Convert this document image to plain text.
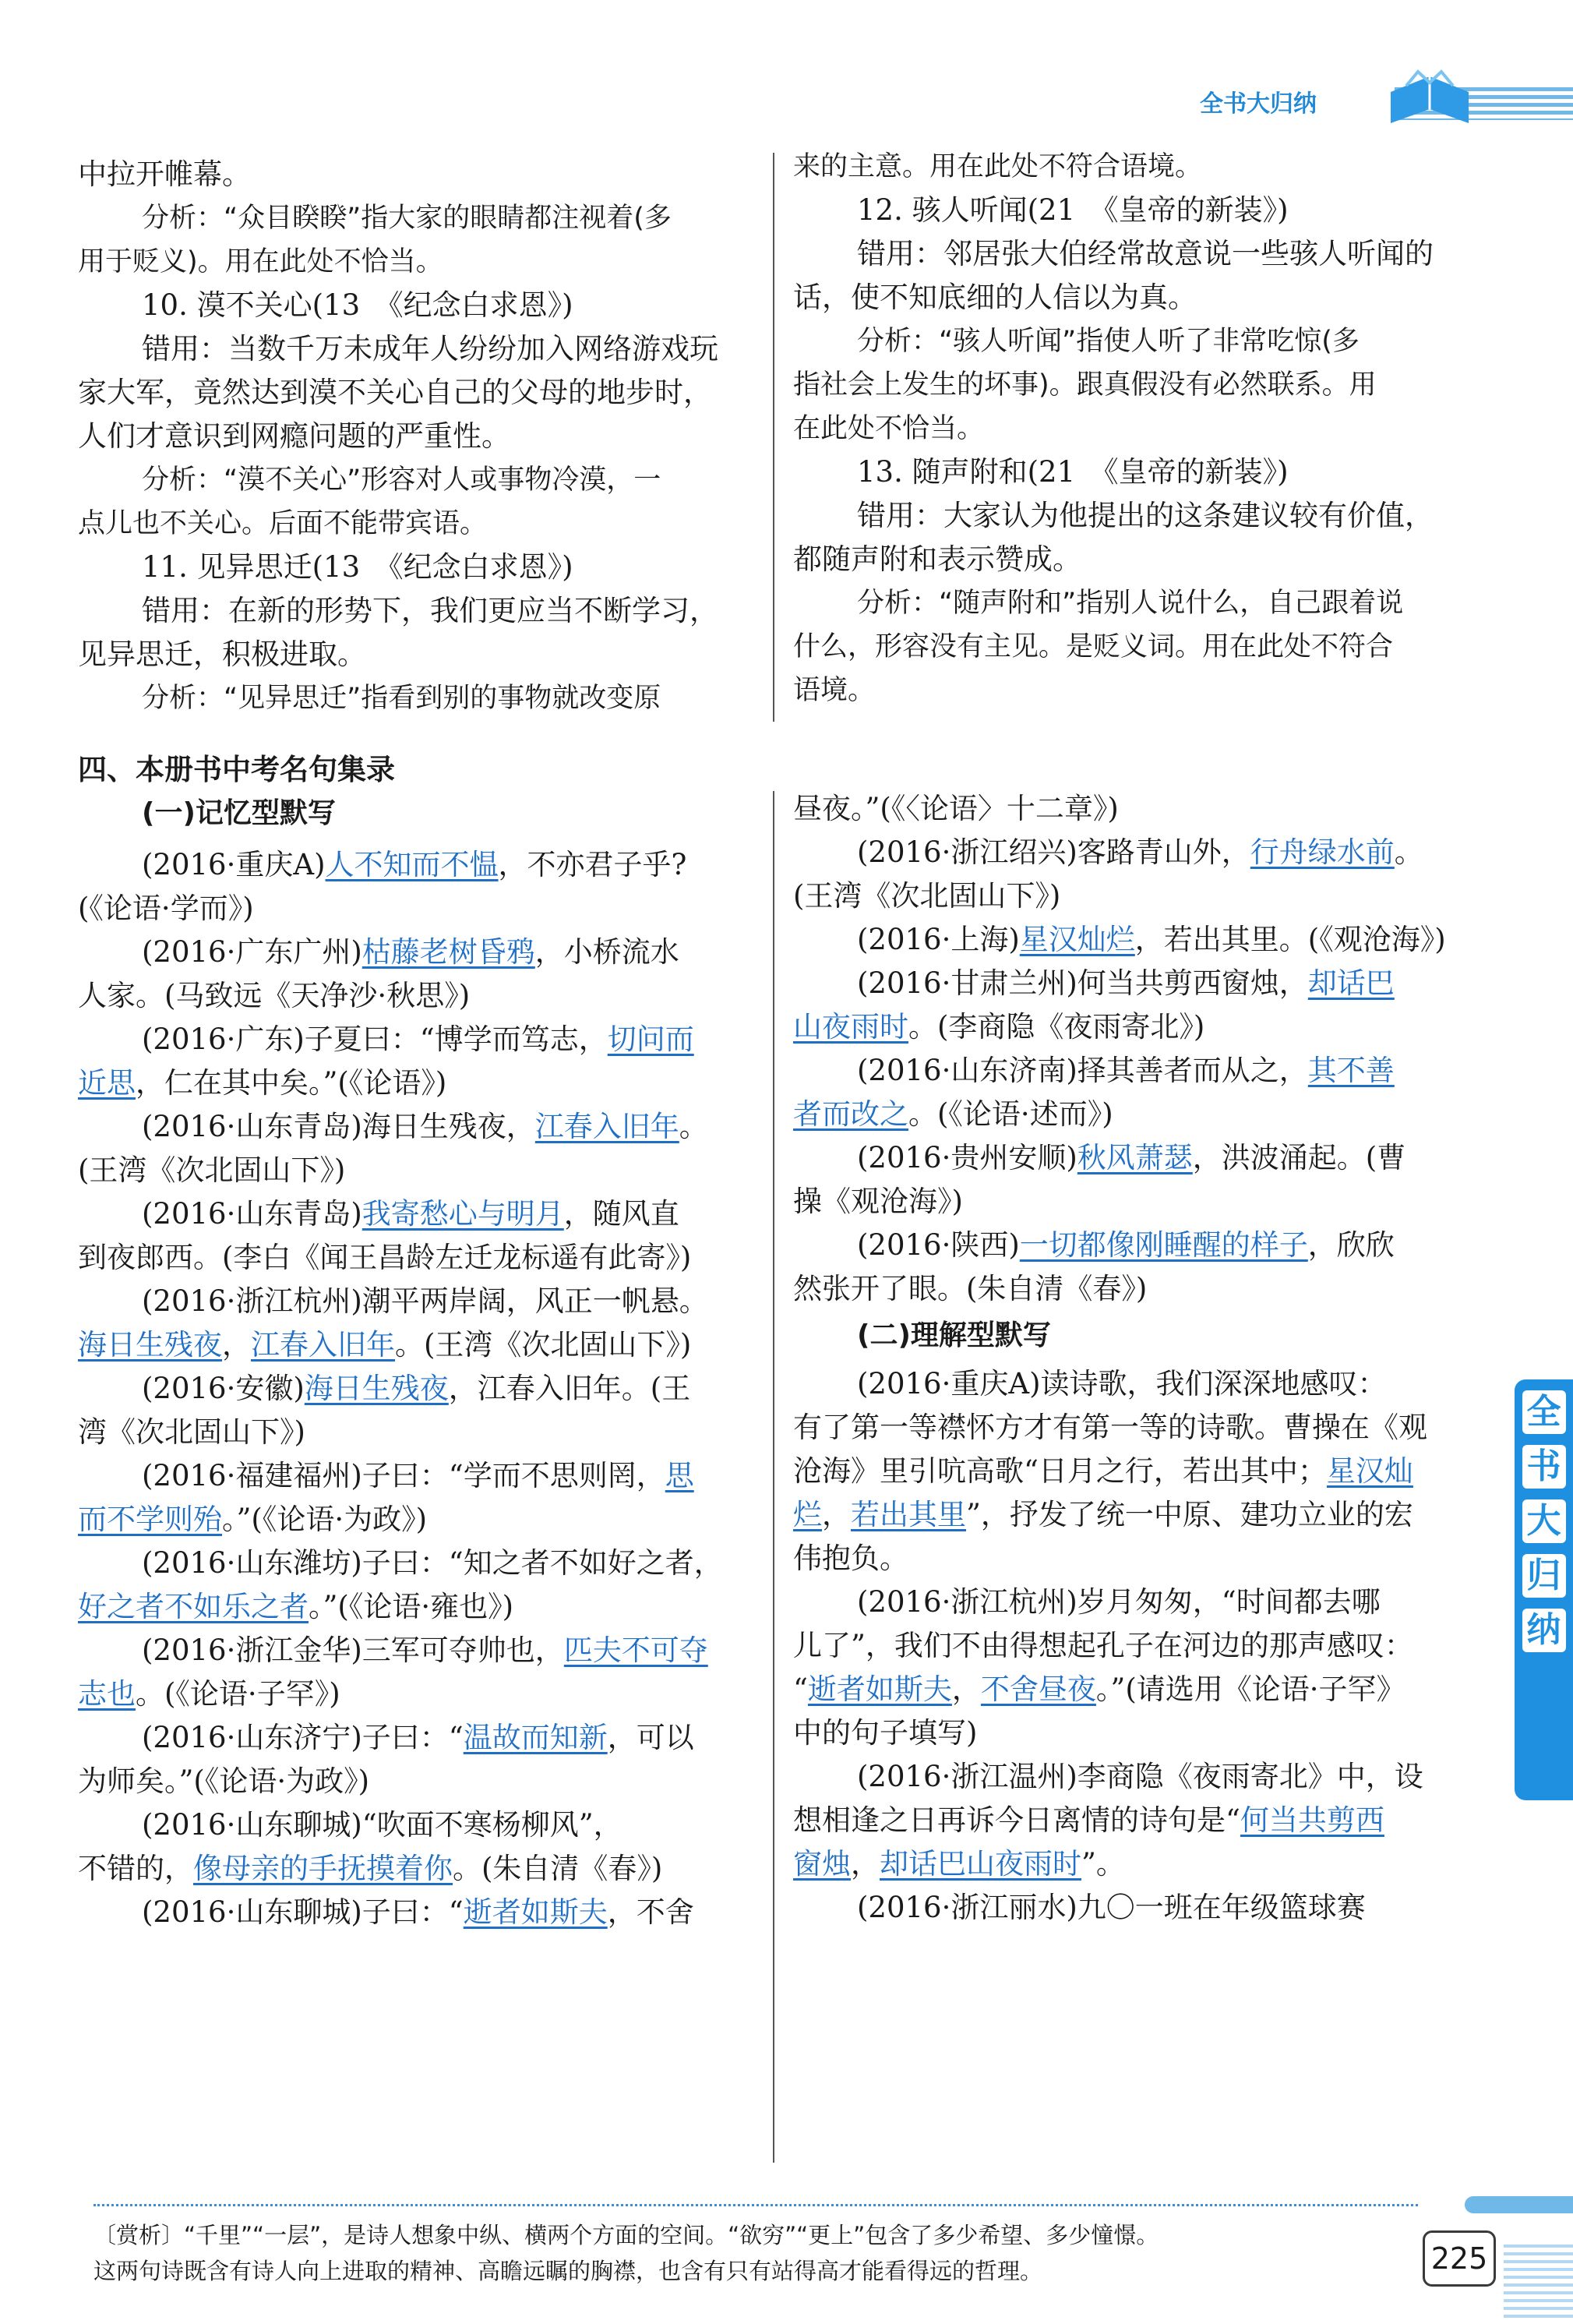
全书大归纳

中拉开帷幕。

分析：“众目睽睽”指大家的眼睛都注视着(多

用于贬义)。用在此处不恰当。

10. 漠不关心(13　《纪念白求恩》)

错用：当数千万未成年人纷纷加入网络游戏玩

家大军，竟然达到漠不关心自己的父母的地步时，

人们才意识到网瘾问题的严重性。

分析：“漠不关心”形容对人或事物冷漠，一

点儿也不关心。后面不能带宾语。

11. 见异思迁(13　《纪念白求恩》)

错用：在新的形势下，我们更应当不断学习，

见异思迁，积极进取。

分析：“见异思迁”指看到别的事物就改变原

来的主意。用在此处不符合语境。

12. 骇人听闻(21　《皇帝的新装》)

错用：邻居张大伯经常故意说一些骇人听闻的

话，使不知底细的人信以为真。

分析：“骇人听闻”指使人听了非常吃惊(多

指社会上发生的坏事)。跟真假没有必然联系。用

在此处不恰当。

13. 随声附和(21　《皇帝的新装》)

错用：大家认为他提出的这条建议较有价值，

都随声附和表示赞成。

分析：“随声附和”指别人说什么，自己跟着说

什么，形容没有主见。是贬义词。用在此处不符合

语境。

四、本册书中考名句集录

(一)记忆型默写

(2016·重庆A)人不知而不愠，不亦君子乎?

(《论语·学而》)

(2016·广东广州)枯藤老树昏鸦，小桥流水

人家。(马致远《天净沙·秋思》)

(2016·广东)子夏曰：“博学而笃志，切问而

近思，仁在其中矣。”(《论语》)

(2016·山东青岛)海日生残夜，江春入旧年。

(王湾《次北固山下》)

(2016·山东青岛)我寄愁心与明月，随风直

到夜郎西。(李白《闻王昌龄左迁龙标遥有此寄》)

(2016·浙江杭州)潮平两岸阔，风正一帆悬。

海日生残夜，江春入旧年。(王湾《次北固山下》)

(2016·安徽)海日生残夜，江春入旧年。(王

湾《次北固山下》)

(2016·福建福州)子曰：“学而不思则罔，思

而不学则殆。”(《论语·为政》)

(2016·山东潍坊)子曰：“知之者不如好之者，

好之者不如乐之者。”(《论语·雍也》)

(2016·浙江金华)三军可夺帅也，匹夫不可夺

志也。(《论语·子罕》)

(2016·山东济宁)子曰：“温故而知新，可以

为师矣。”(《论语·为政》)

(2016·山东聊城)“吹面不寒杨柳风”，

不错的，像母亲的手抚摸着你。(朱自清《春》)

(2016·山东聊城)子曰：“逝者如斯夫，不舍

昼夜。”(《〈论语〉十二章》)

(2016·浙江绍兴)客路青山外，行舟绿水前。

(王湾《次北固山下》)

(2016·上海)星汉灿烂，若出其里。(《观沧海》)

(2016·甘肃兰州)何当共剪西窗烛，却话巴

山夜雨时。(李商隐《夜雨寄北》)

(2016·山东济南)择其善者而从之，其不善

者而改之。(《论语·述而》)

(2016·贵州安顺)秋风萧瑟，洪波涌起。(曹

操《观沧海》)

(2016·陕西)一切都像刚睡醒的样子，欣欣

然张开了眼。(朱自清《春》)

(二)理解型默写

(2016·重庆A)读诗歌，我们深深地感叹：

有了第一等襟怀方才有第一等的诗歌。曹操在《观

沧海》里引吭高歌“日月之行，若出其中；星汉灿

烂，若出其里”，抒发了统一中原、建功立业的宏

伟抱负。

(2016·浙江杭州)岁月匆匆，“时间都去哪

儿了”，我们不由得想起孔子在河边的那声感叹：

“逝者如斯夫，不舍昼夜。”(请选用《论语·子罕》

中的句子填写)

(2016·浙江温州)李商隐《夜雨寄北》中，设

想相逢之日再诉今日离情的诗句是“何当共剪西

窗烛，却话巴山夜雨时”。

(2016·浙江丽水)九〇一班在年级篮球赛

全
书
大
归
纳
〔赏析〕“千里”“一层”，是诗人想象中纵、横两个方面的空间。“欲穷”“更上”包含了多少希望、多少憧憬。
这两句诗既含有诗人向上进取的精神、高瞻远瞩的胸襟，也含有只有站得高才能看得远的哲理。	225
